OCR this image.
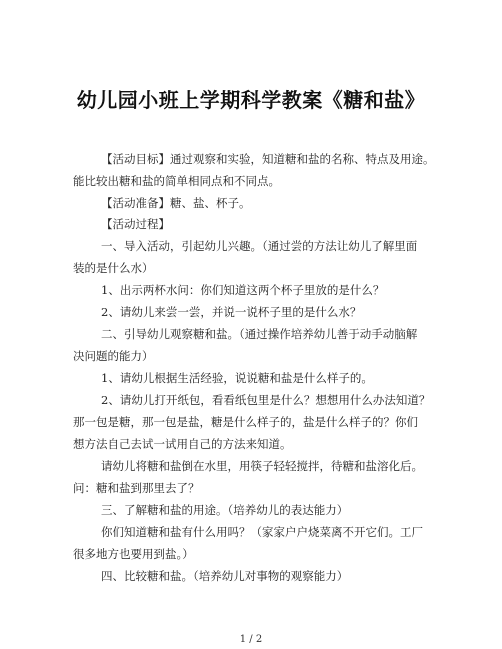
幼儿园小班上学期科学教案《糖和盐》
【活动目标】通过观察和实验，知道糖和盐的名称、特点及用途。
能比较出糖和盐的简单相同点和不同点。
【活动准备】糖、盐、杯子。
【活动过程】
一、导入活动，引起幼儿兴趣。（通过尝的方法让幼儿了解里面
装的是什么水）
1、出示两杯水问：你们知道这两个杯子里放的是什么？
2、请幼儿来尝一尝，并说一说杯子里的是什么水？
二、引导幼儿观察糖和盐。（通过操作培养幼儿善于动手动脑解
决问题的能力）
1、请幼儿根据生活经验，说说糖和盐是什么样子的。
2、请幼儿打开纸包，看看纸包里是什么？想想用什么办法知道？
那一包是糖，那一包是盐，糖是什么样子的，盐是什么样子的？你们
想方法自己去试一试用自己的方法来知道。
请幼儿将糖和盐倒在水里，用筷子轻轻搅拌，待糖和盐溶化后。
问：糖和盐到那里去了？
三、了解糖和盐的用途。（培养幼儿的表达能力）
你们知道糖和盐有什么用吗？（家家户户烧菜离不开它们。工厂
很多地方也要用到盐。）
四、比较糖和盐。（培养幼儿对事物的观察能力）
1 / 2
